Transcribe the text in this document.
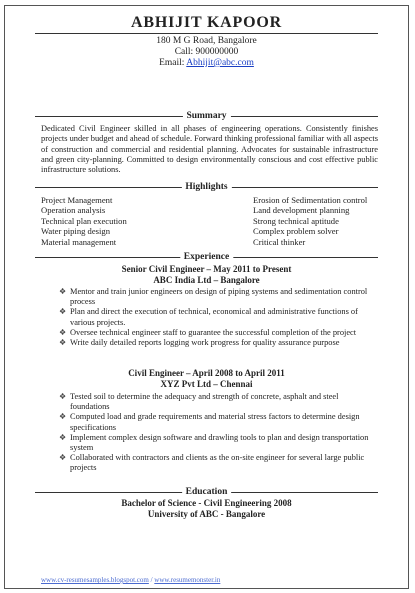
ABHIJIT KAPOOR
180 M G Road, Bangalore
Call: 900000000
Email: Abhijit@abc.com
Summary
Dedicated Civil Engineer skilled in all phases of engineering operations. Consistently finishes projects under budget and ahead of schedule. Forward thinking professional familiar with all aspects of construction and commercial and residential planning. Advocates for sustainable infrastructure and green city-planning. Committed to design environmentally conscious and cost effective public infrastructure solutions.
Highlights
Project Management
Operation analysis
Technical plan execution
Water piping design
Material management
Erosion of Sedimentation control
Land development planning
Strong technical aptitude
Complex problem solver
Critical thinker
Experience
Senior Civil Engineer – May 2011 to Present
ABC India Ltd – Bangalore
❖ Mentor and train junior engineers on design of piping systems and sedimentation control process
❖ Plan and direct the execution of technical, economical and administrative functions of various projects.
❖ Oversee technical engineer staff to guarantee the successful completion of the project
❖ Write daily detailed reports logging work progress for quality assurance purpose
Civil Engineer – April 2008 to April 2011
XYZ Pvt Ltd – Chennai
❖ Tested soil to determine the adequacy and strength of concrete, asphalt and steel foundations
❖ Computed load and grade requirements and material stress factors to determine design specifications
❖ Implement complex design software and drawling tools to plan and design transportation system
❖ Collaborated with contractors and clients as the on-site engineer for several large public projects
Education
Bachelor of Science - Civil Engineering 2008
University of ABC - Bangalore
www.cv-resumesamples.blogspot.com / www.resumemonster.in
